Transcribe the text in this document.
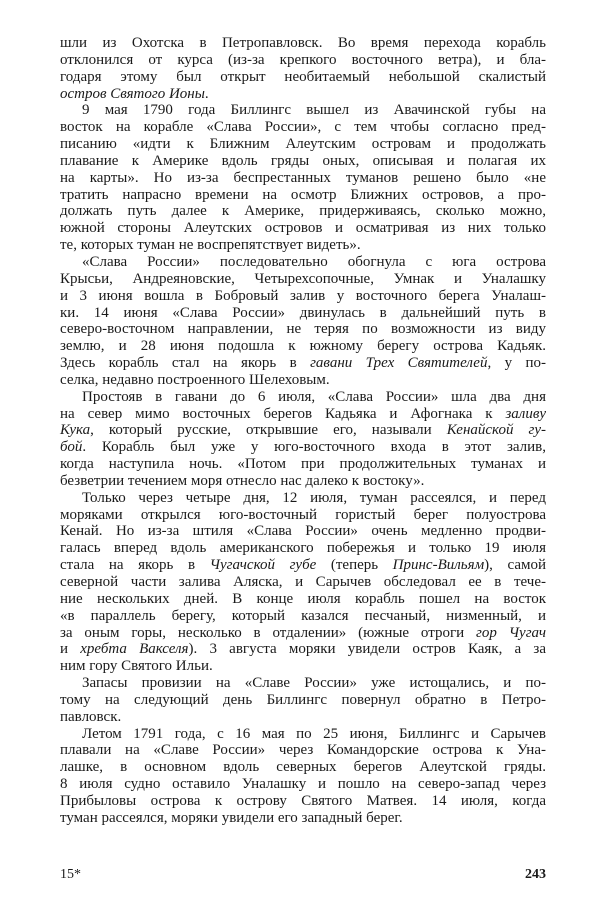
шли из Охотска в Петропавловск. Во время перехода корабль
отклонился от курса (из-за крепкого восточного ветра), и бла-
годаря этому был открыт необитаемый небольшой скалистый
остров Святого Ионы.
9 мая 1790 года Биллингс вышел из Авачинской губы на
восток на корабле «Слава России», с тем чтобы согласно пред-
писанию «идти к Ближним Алеутским островам и продолжать
плавание к Америке вдоль гряды оных, описывая и полагая их
на карты». Но из-за беспрестанных туманов решено было «не
тратить напрасно времени на осмотр Ближних островов, а про-
должать путь далее к Америке, придерживаясь, сколько можно,
южной стороны Алеутских островов и осматривая из них только
те, которых туман не воспрепятствует видеть».
«Слава России» последовательно обогнула с юга острова
Крысьи, Андреяновские, Четырехсопочные, Умнак и Уналашку
и 3 июня вошла в Бобровый залив у восточного берега Уналаш-
ки. 14 июня «Слава России» двинулась в дальнейший путь в
северо-восточном направлении, не теряя по возможности из виду
землю, и 28 июня подошла к южному берегу острова Кадьяк.
Здесь корабль стал на якорь в гавани Трех Святителей, у по-
селка, недавно построенного Шелеховым.
Простояв в гавани до 6 июля, «Слава России» шла два дня
на север мимо восточных берегов Кадьяка и Афогнака к заливу
Кука, который русские, открывшие его, называли Кенайской гу-
бой. Корабль был уже у юго-восточного входа в этот залив,
когда наступила ночь. «Потом при продолжительных туманах и
безветрии течением моря отнесло нас далеко к востоку».
Только через четыре дня, 12 июля, туман рассеялся, и перед
моряками открылся юго-восточный гористый берег полуострова
Кенай. Но из-за штиля «Слава России» очень медленно продви-
галась вперед вдоль американского побережья и только 19 июля
стала на якорь в Чугачской губе (теперь Принс-Вильям), самой
северной части залива Аляска, и Сарычев обследовал ее в тече-
ние нескольких дней. В конце июля корабль пошел на восток
«в параллель берегу, который казался песчаный, низменный, и
за оным горы, несколько в отдалении» (южные отроги гор Чугач
и хребта Вакселя). 3 августа моряки увидели остров Каяк, а за
ним гору Святого Ильи.
Запасы провизии на «Славе России» уже истощались, и по-
тому на следующий день Биллингс повернул обратно в Петро-
павловск.
Летом 1791 года, с 16 мая по 25 июня, Биллингс и Сарычев
плавали на «Славе России» через Командорские острова к Уна-
лашке, в основном вдоль северных берегов Алеутской гряды.
8 июля судно оставило Уналашку и пошло на северо-запад через
Прибыловы острова к острову Святого Матвея. 14 июля, когда
туман рассеялся, моряки увидели его западный берег.
15*	243
